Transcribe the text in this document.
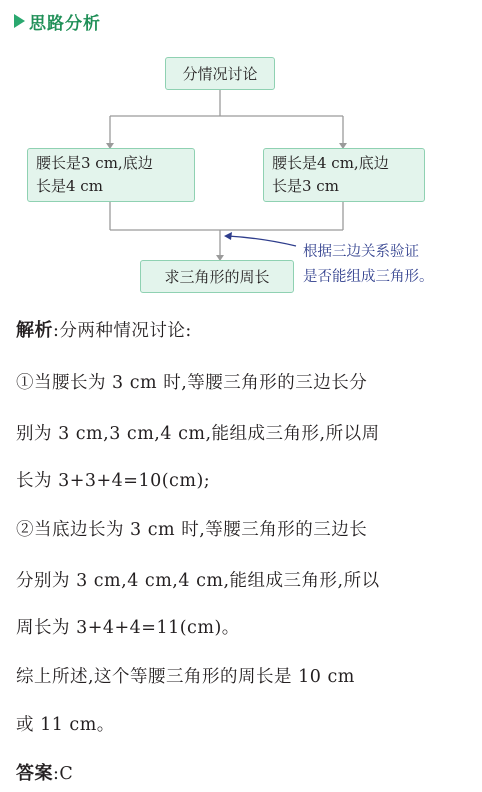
思路分析
分情况讨论
腰长是3 cm,底边
长是4 cm
腰长是4 cm,底边
长是3 cm
求三角形的周长
根据三边关系验证
是否能组成三角形。
解析:分两种情况讨论:
①当腰长为 3 cm 时,等腰三角形的三边长分
别为 3 cm,3 cm,4 cm,能组成三角形,所以周
长为 3+3+4=10(cm);
②当底边长为 3 cm 时,等腰三角形的三边长
分别为 3 cm,4 cm,4 cm,能组成三角形,所以
周长为 3+4+4=11(cm)。
综上所述,这个等腰三角形的周长是 10 cm
或 11 cm。
答案:C
